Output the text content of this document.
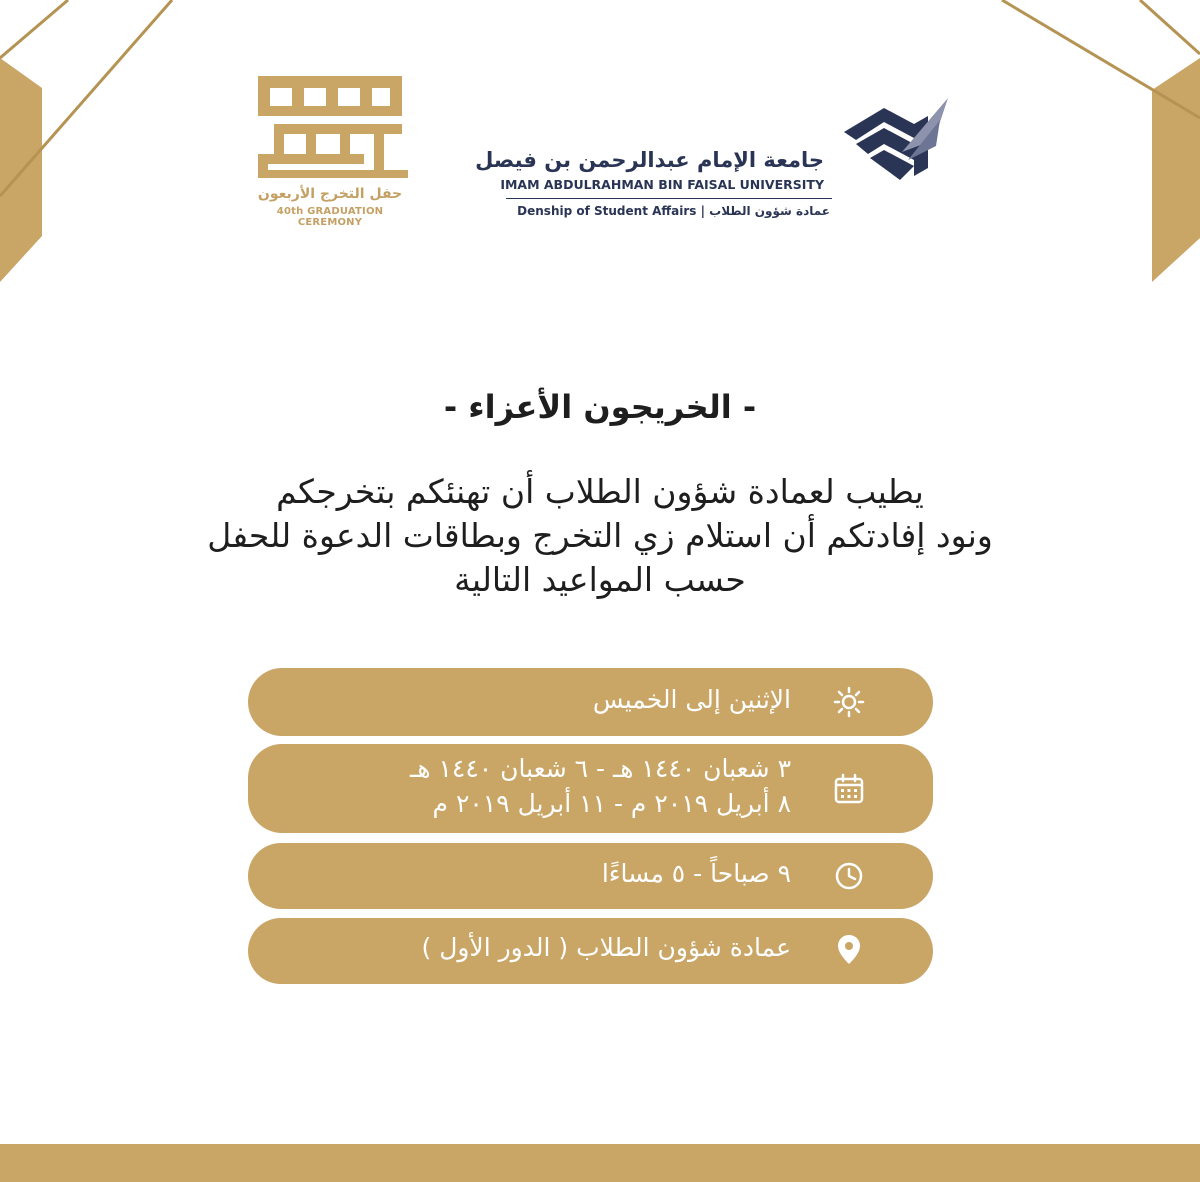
حفل التخرج الأربعون
40th GRADUATION CEREMONY
جامعة الإمام عبدالرحمن بن فيصل
IMAM ABDULRAHMAN BIN FAISAL UNIVERSITY
Denship of Student Affairs | عمادة شؤون الطلاب
- الخريجون الأعزاء -
يطيب لعمادة شؤون الطلاب أن تهنئكم بتخرجكم
ونود إفادتكم أن استلام زي التخرج وبطاقات الدعوة للحفل
حسب المواعيد التالية
الإثنين إلى الخميس
٣ شعبان ١٤٤٠ هـ - ٦ شعبان ١٤٤٠ هـ
٨ أبريل ٢٠١٩ م - ١١ أبريل ٢٠١٩ م
٩ صباحاً - ٥ مساءًا
عمادة شؤون الطلاب ( الدور الأول )
